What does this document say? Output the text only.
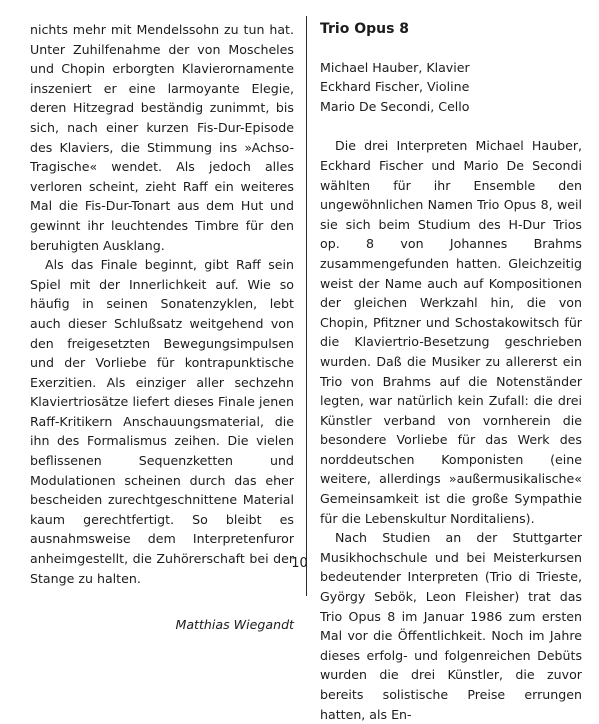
nichts mehr mit Mendelssohn zu tun hat. Unter Zuhilfenahme der von Moscheles und Chopin erborgten Klavierornamente inszeniert er eine larmoyante Elegie, deren Hitzegrad beständig zunimmt, bis sich, nach einer kurzen Fis-Dur-Episode des Klaviers, die Stimmung ins »Achso-Tragische« wendet. Als jedoch alles verloren scheint, zieht Raff ein weiteres Mal die Fis-Dur-Tonart aus dem Hut und gewinnt ihr leuchtendes Timbre für den beruhigten Ausklang.

Als das Finale beginnt, gibt Raff sein Spiel mit der Innerlichkeit auf. Wie so häufig in seinen Sonatenzyklen, lebt auch dieser Schlußsatz weitgehend von den freigesetzten Bewegungsimpulsen und der Vorliebe für kontrapunktische Exerzitien. Als einziger aller sechzehn Klaviertriosätze liefert dieses Finale jenen Raff-Kritikern Anschauungsmaterial, die ihn des Formalismus zeihen. Die vielen beflissenen Sequenzketten und Modulationen scheinen durch das eher bescheiden zurechtgeschnittene Material kaum gerechtfertigt. So bleibt es ausnahmsweise dem Interpretenfuror anheimgestellt, die Zuhörerschaft bei der Stange zu halten.

Matthias Wiegandt
Trio Opus 8
Michael Hauber, Klavier
Eckhard Fischer, Violine
Mario De Secondi, Cello

Die drei Interpreten Michael Hauber, Eckhard Fischer und Mario De Secondi wählten für ihr Ensemble den ungewöhnlichen Namen Trio Opus 8, weil sie sich beim Studium des H-Dur Trios op. 8 von Johannes Brahms zusammengefunden hatten. Gleichzeitig weist der Name auch auf Kompositionen der gleichen Werkzahl hin, die von Chopin, Pfitzner und Schostakowitsch für die Klaviertrio-Besetzung geschrieben wurden. Daß die Musiker zu allererst ein Trio von Brahms auf die Notenständer legten, war natürlich kein Zufall: die drei Künstler verband von vornherein die besondere Vorliebe für das Werk des norddeutschen Komponisten (eine weitere, allerdings »außermusikalische« Gemeinsamkeit ist die große Sympathie für die Lebenskultur Norditaliens).

Nach Studien an der Stuttgarter Musikhochschule und bei Meisterkursen bedeutender Interpreten (Trio di Trieste, György Sebök, Leon Fleisher) trat das Trio Opus 8 im Januar 1986 zum ersten Mal vor die Öffentlichkeit. Noch im Jahre dieses erfolg- und folgenreichen Debüts wurden die drei Künstler, die zuvor bereits solistische Preise errungen hatten, als En-

10
